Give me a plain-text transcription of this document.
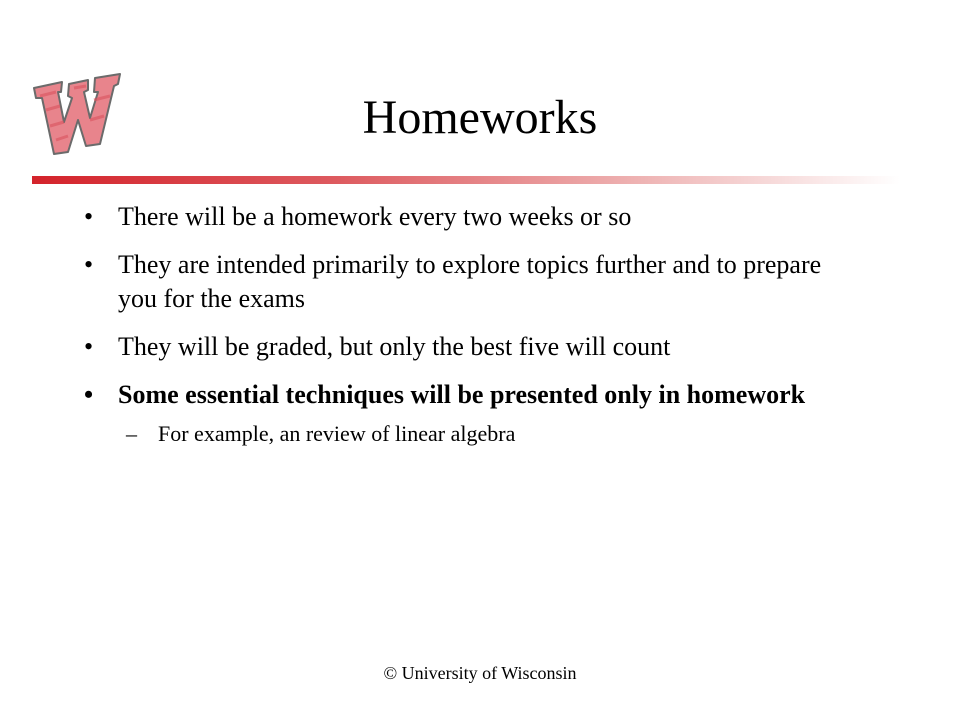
Homeworks
• There will be a homework every two weeks or so
• They are intended primarily to explore topics further and to prepare you for the exams
• They will be graded, but only the best five will count
• Some essential techniques will be presented only in homework
– For example, an review of linear algebra
© University of Wisconsin
